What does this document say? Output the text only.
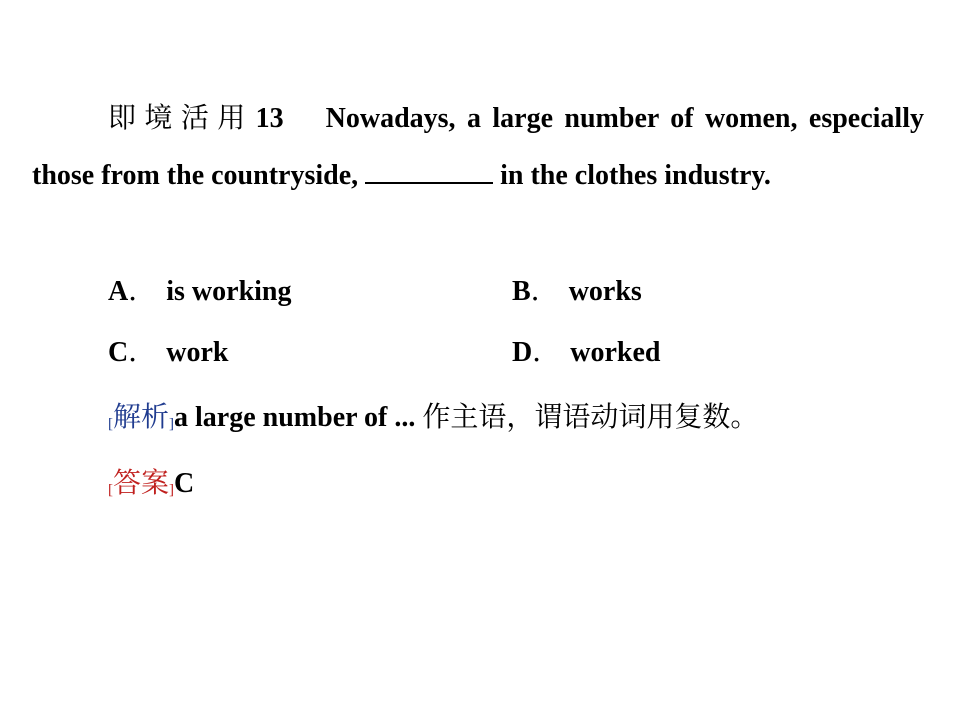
即境活用13 Nowadays, a large number of women, especially those from the countryside,	in the clothes industry.
A． is working	B． works
C． work	D． worked
[解析]a large number of ... 作主语，谓语动词用复数。
[答案]C
